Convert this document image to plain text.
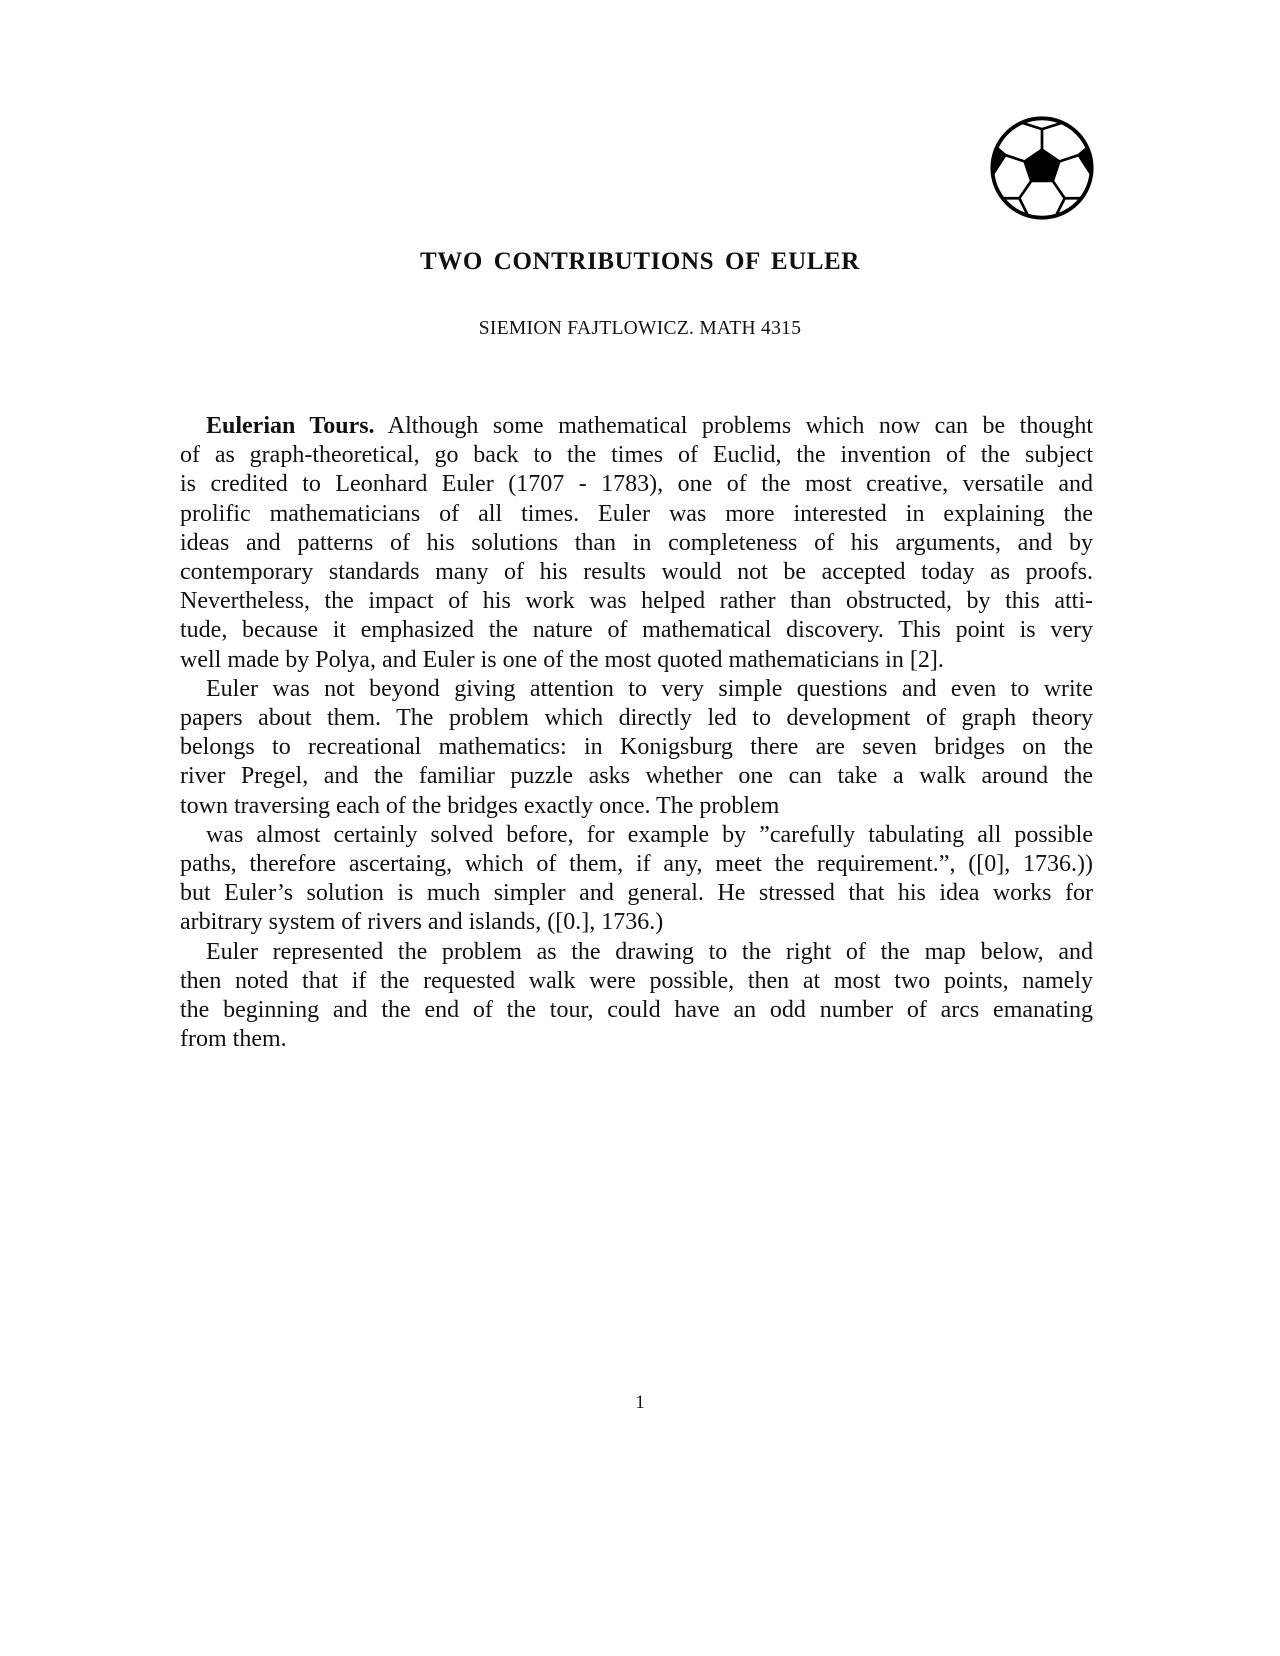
TWO CONTRIBUTIONS OF EULER

SIEMION FAJTLOWICZ. MATH 4315

Eulerian Tours. Although some mathematical problems which now can be thought
of as graph-theoretical, go back to the times of Euclid, the invention of the subject
is credited to Leonhard Euler (1707 - 1783), one of the most creative, versatile and
prolific mathematicians of all times. Euler was more interested in explaining the
ideas and patterns of his solutions than in completeness of his arguments, and by
contemporary standards many of his results would not be accepted today as proofs.
Nevertheless, the impact of his work was helped rather than obstructed, by this atti-
tude, because it emphasized the nature of mathematical discovery. This point is very
well made by Polya, and Euler is one of the most quoted mathematicians in [2].
Euler was not beyond giving attention to very simple questions and even to write
papers about them. The problem which directly led to development of graph theory
belongs to recreational mathematics: in Konigsburg there are seven bridges on the
river Pregel, and the familiar puzzle asks whether one can take a walk around the
town traversing each of the bridges exactly once. The problem
was almost certainly solved before, for example by ”carefully tabulating all possible
paths, therefore ascertaing, which of them, if any, meet the requirement.”, ([0], 1736.))
but Euler’s solution is much simpler and general. He stressed that his idea works for
arbitrary system of rivers and islands, ([0.], 1736.)
Euler represented the problem as the drawing to the right of the map below, and
then noted that if the requested walk were possible, then at most two points, namely
the beginning and the end of the tour, could have an odd number of arcs emanating
from them.
1
